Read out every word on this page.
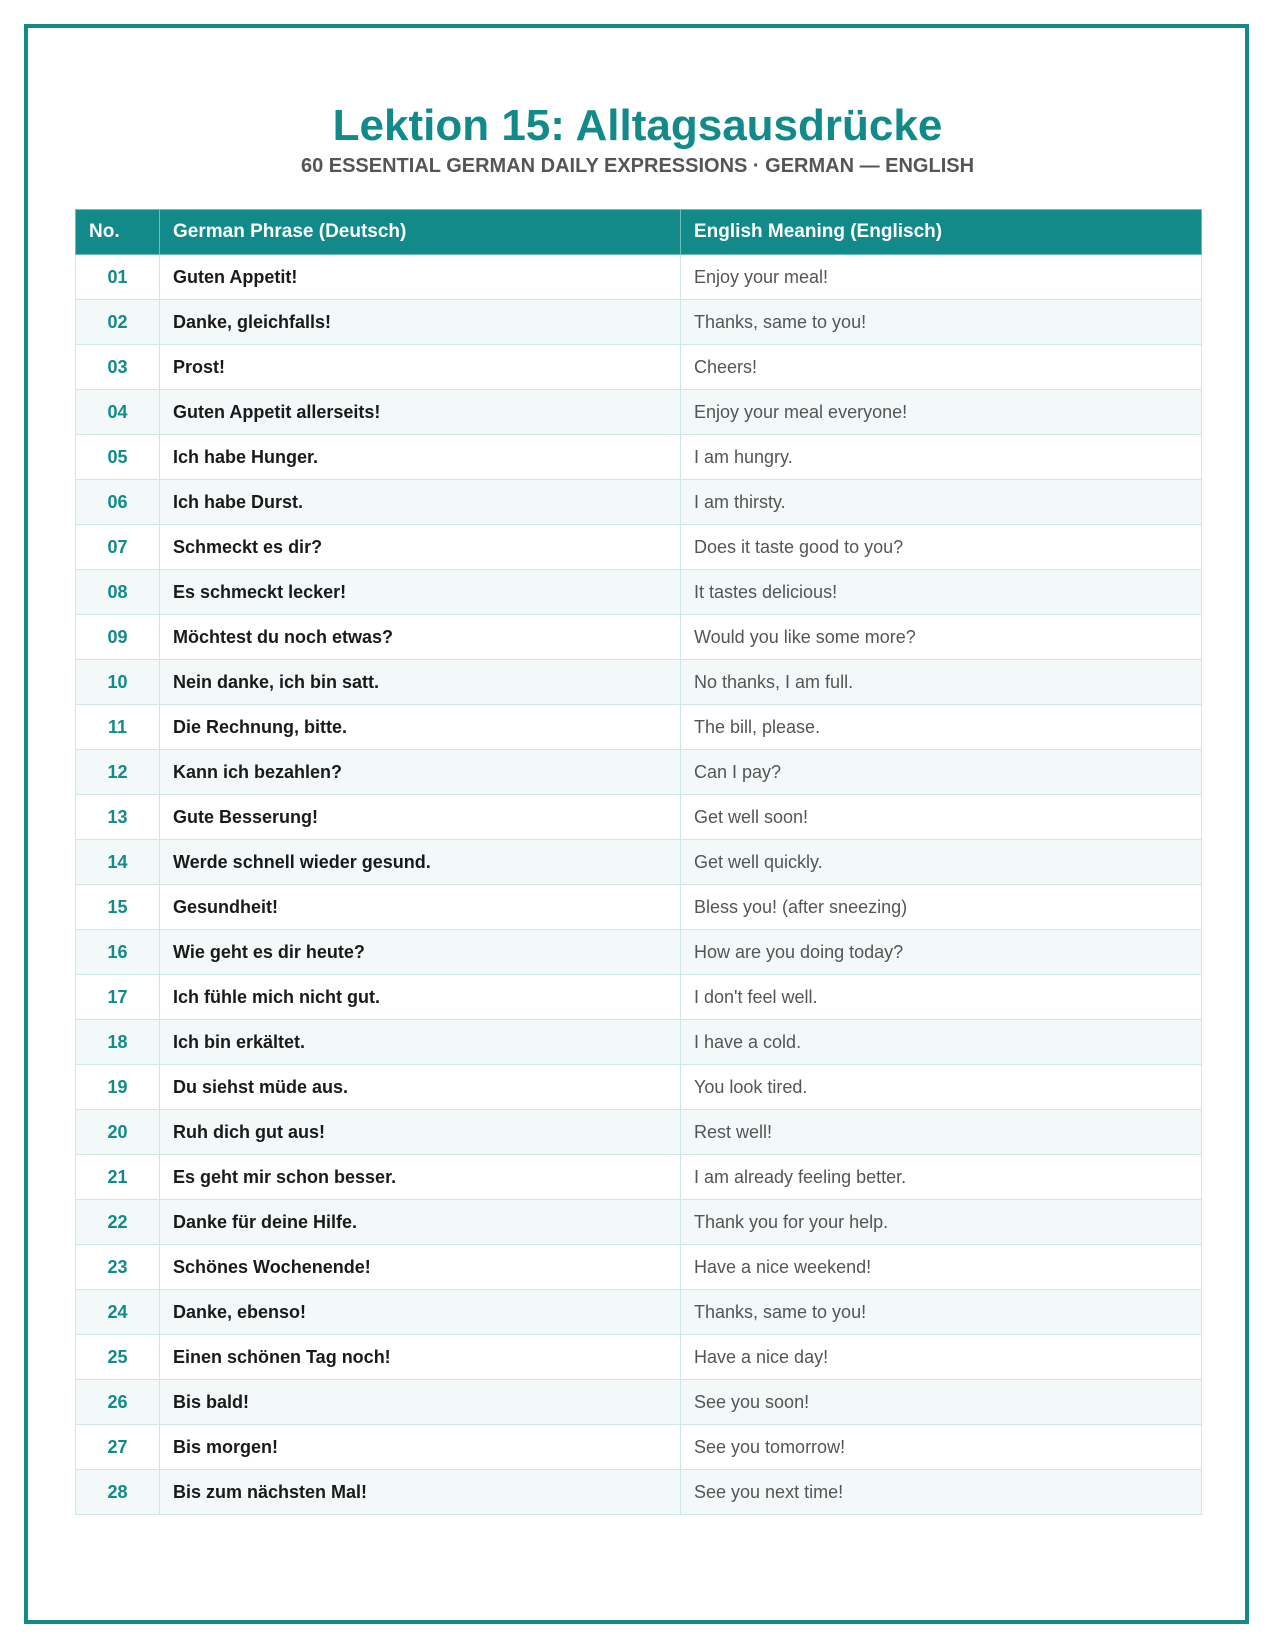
Lektion 15: Alltagsausdrücke
60 ESSENTIAL GERMAN DAILY EXPRESSIONS · GERMAN — ENGLISH
No.	German Phrase (Deutsch)	English Meaning (Englisch)
01	Guten Appetit!	Enjoy your meal!
02	Danke, gleichfalls!	Thanks, same to you!
03	Prost!	Cheers!
04	Guten Appetit allerseits!	Enjoy your meal everyone!
05	Ich habe Hunger.	I am hungry.
06	Ich habe Durst.	I am thirsty.
07	Schmeckt es dir?	Does it taste good to you?
08	Es schmeckt lecker!	It tastes delicious!
09	Möchtest du noch etwas?	Would you like some more?
10	Nein danke, ich bin satt.	No thanks, I am full.
11	Die Rechnung, bitte.	The bill, please.
12	Kann ich bezahlen?	Can I pay?
13	Gute Besserung!	Get well soon!
14	Werde schnell wieder gesund.	Get well quickly.
15	Gesundheit!	Bless you! (after sneezing)
16	Wie geht es dir heute?	How are you doing today?
17	Ich fühle mich nicht gut.	I don't feel well.
18	Ich bin erkältet.	I have a cold.
19	Du siehst müde aus.	You look tired.
20	Ruh dich gut aus!	Rest well!
21	Es geht mir schon besser.	I am already feeling better.
22	Danke für deine Hilfe.	Thank you for your help.
23	Schönes Wochenende!	Have a nice weekend!
24	Danke, ebenso!	Thanks, same to you!
25	Einen schönen Tag noch!	Have a nice day!
26	Bis bald!	See you soon!
27	Bis morgen!	See you tomorrow!
28	Bis zum nächsten Mal!	See you next time!
